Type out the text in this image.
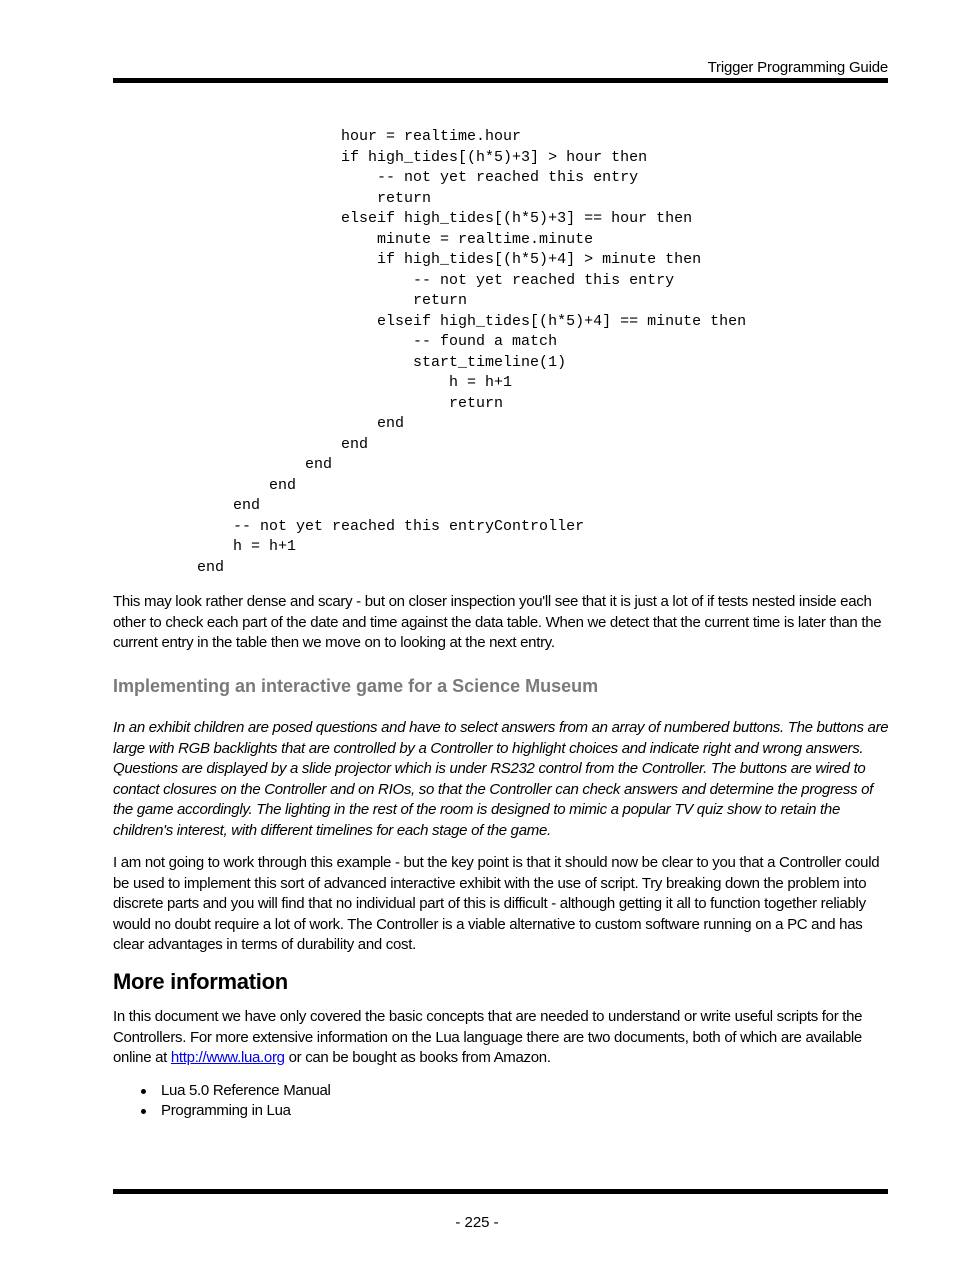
Trigger Programming Guide
hour = realtime.hour
if high_tides[(h*5)+3] > hour then
-- not yet reached this entry
return
elseif high_tides[(h*5)+3] == hour then
minute = realtime.minute
if high_tides[(h*5)+4] > minute then
-- not yet reached this entry
return
elseif high_tides[(h*5)+4] == minute then
-- found a match
start_timeline(1)
h = h+1
return
end
end
end
end
end
-- not yet reached this entryController
h = h+1
end

This may look rather dense and scary - but on closer inspection you'll see that it is just a lot of if tests nested inside each other to check each part of the date and time against the data table. When we detect that the current time is later than the current entry in the table then we move on to looking at the next entry.

Implementing an interactive game for a Science Museum

In an exhibit children are posed questions and have to select answers from an array of numbered buttons. The buttons are large with RGB backlights that are controlled by a Controller to highlight choices and indicate right and wrong answers. Questions are displayed by a slide projector which is under RS232 control from the Controller. The buttons are wired to contact closures on the Controller and on RIOs, so that the Controller can check answers and determine the progress of the game accordingly. The lighting in the rest of the room is designed to mimic a popular TV quiz show to retain the children's interest, with different timelines for each stage of the game.

I am not going to work through this example - but the key point is that it should now be clear to you that a Controller could be used to implement this sort of advanced interactive exhibit with the use of script. Try breaking down the problem into discrete parts and you will find that no individual part of this is difficult - although getting it all to function together reliably would no doubt require a lot of work. The Controller is a viable alternative to custom software running on a PC and has clear advantages in terms of durability and cost.

More information

In this document we have only covered the basic concepts that are needed to understand or write useful scripts for the Controllers. For more extensive information on the Lua language there are two documents, both of which are available online at http://www.lua.org or can be bought as books from Amazon.

Lua 5.0 Reference Manual
Programming in Lua
- 225 -
